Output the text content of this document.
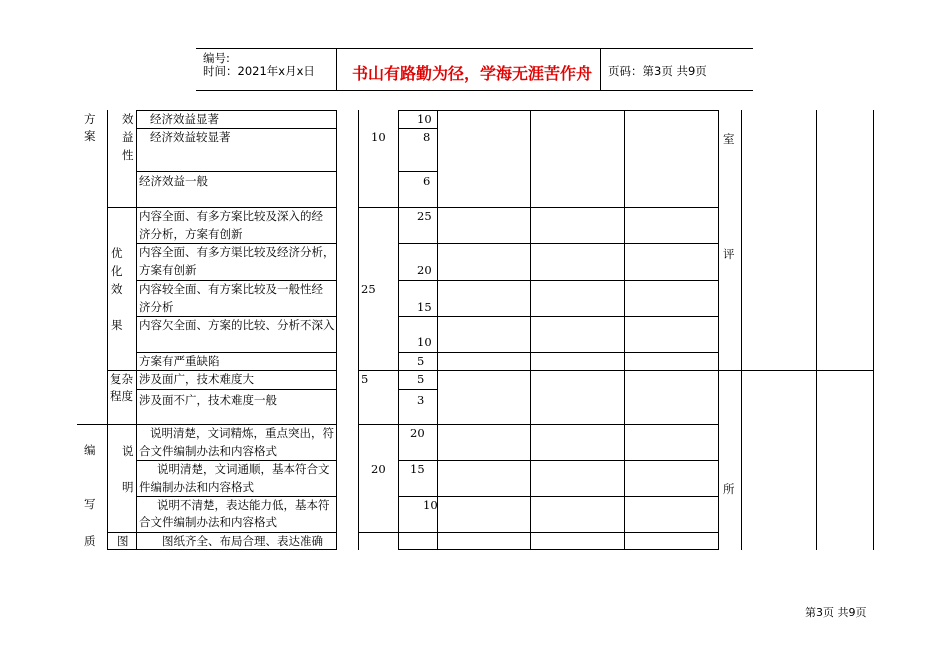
编号:
时间：2021年x月x日 书山有路勤为径，学海无涯苦作舟 页码：第3页 共9页
方
案
编
写
质
效
益
性
优
化
效
果
复杂
程度
说
明
图
经济效益显著
经济效益较显著
经济效益一般
内容全面、有多方案比较及深入的经
济分析，方案有创新
内容全面、有多方渠比较及经济分析，
方案有创新
内容较全面、有方案比较及一般性经
济分析
内容欠全面、方案的比较、分析不深入
方案有严重缺陷
涉及面广，技术难度大
涉及面不广，技术难度一般
说明清楚，文词精炼，重点突出，符
合文件编制办法和内容格式
说明清楚，文词通顺，基本符合文
件编制办法和内容格式
说明不清楚，表达能力低，基本符
合文件编制办法和内容格式
图纸齐全、布局合理、表达准确
10
25
5
20
10
8
6
25
20
15
10
5
5
3
20
15
10
室
评
所
第3页 共9页
